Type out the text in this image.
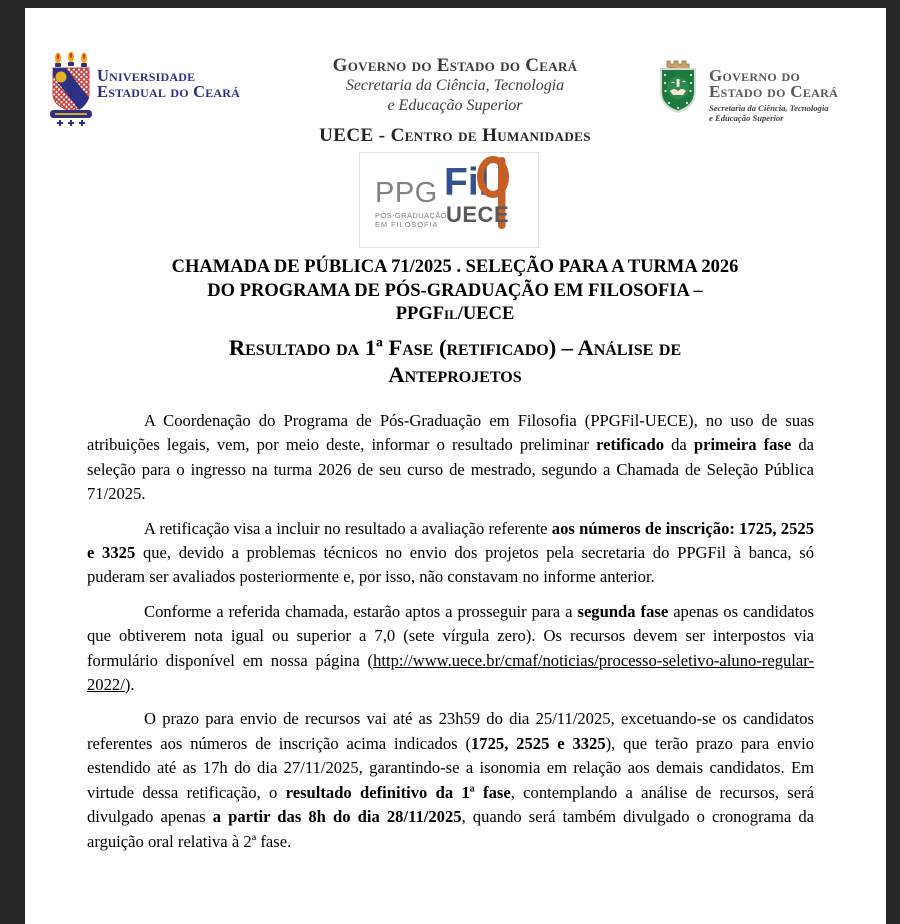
Universidade
Estadual do Ceará
Governo do Estado do Ceará
Secretaria da Ciência, Tecnologia
e Educação Superior
UECE - Centro de Humanidades
Governo do
Estado do Ceará
Secretaria da Ciência, Tecnologia
e Educação Superior
PPG Fil
PÓS-GRADUAÇÃO
EM FILOSOFIA UECE
CHAMADA DE PÚBLICA 71/2025 . SELEÇÃO PARA A TURMA 2026
DO PROGRAMA DE PÓS-GRADUAÇÃO EM FILOSOFIA –
PPGFil/UECE
Resultado da 1ª Fase (retificado) – Análise de
Anteprojetos

A Coordenação do Programa de Pós-Graduação em Filosofia (PPGFil-UECE), no uso de suas atribuições legais, vem, por meio deste, informar o resultado preliminar retificado da primeira fase da seleção para o ingresso na turma 2026 de seu curso de mestrado, segundo a Chamada de Seleção Pública 71/2025.

A retificação visa a incluir no resultado a avaliação referente aos números de inscrição: 1725, 2525 e 3325 que, devido a problemas técnicos no envio dos projetos pela secretaria do PPGFil à banca, só puderam ser avaliados posteriormente e, por isso, não constavam no informe anterior.

Conforme a referida chamada, estarão aptos a prosseguir para a segunda fase apenas os candidatos que obtiverem nota igual ou superior a 7,0 (sete vírgula zero). Os recursos devem ser interpostos via formulário disponível em nossa página (http://www.uece.br/cmaf/noticias/processo-seletivo-aluno-regular-2022/).

O prazo para envio de recursos vai até as 23h59 do dia 25/11/2025, excetuando-se os candidatos referentes aos números de inscrição acima indicados (1725, 2525 e 3325), que terão prazo para envio estendido até as 17h do dia 27/11/2025, garantindo-se a isonomia em relação aos demais candidatos. Em virtude dessa retificação, o resultado definitivo da 1ª fase, contemplando a análise de recursos, será divulgado apenas a partir das 8h do dia 28/11/2025, quando será também divulgado o cronograma da arguição oral relativa à 2ª fase.
